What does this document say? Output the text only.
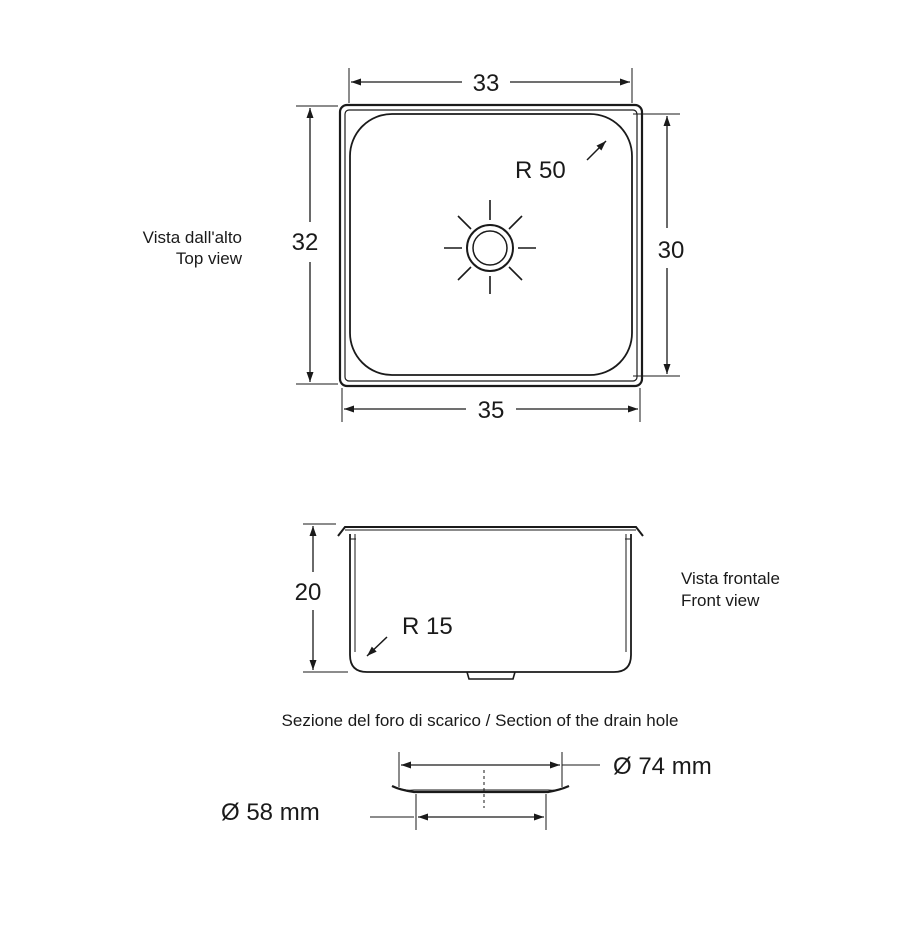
R 50
33
35
32	30
Vista dall'alto
Top view
R 15
20
Vista frontale
Front view
Sezione del foro di scarico / Section of the drain hole
Ø 74 mm
Ø 58 mm
